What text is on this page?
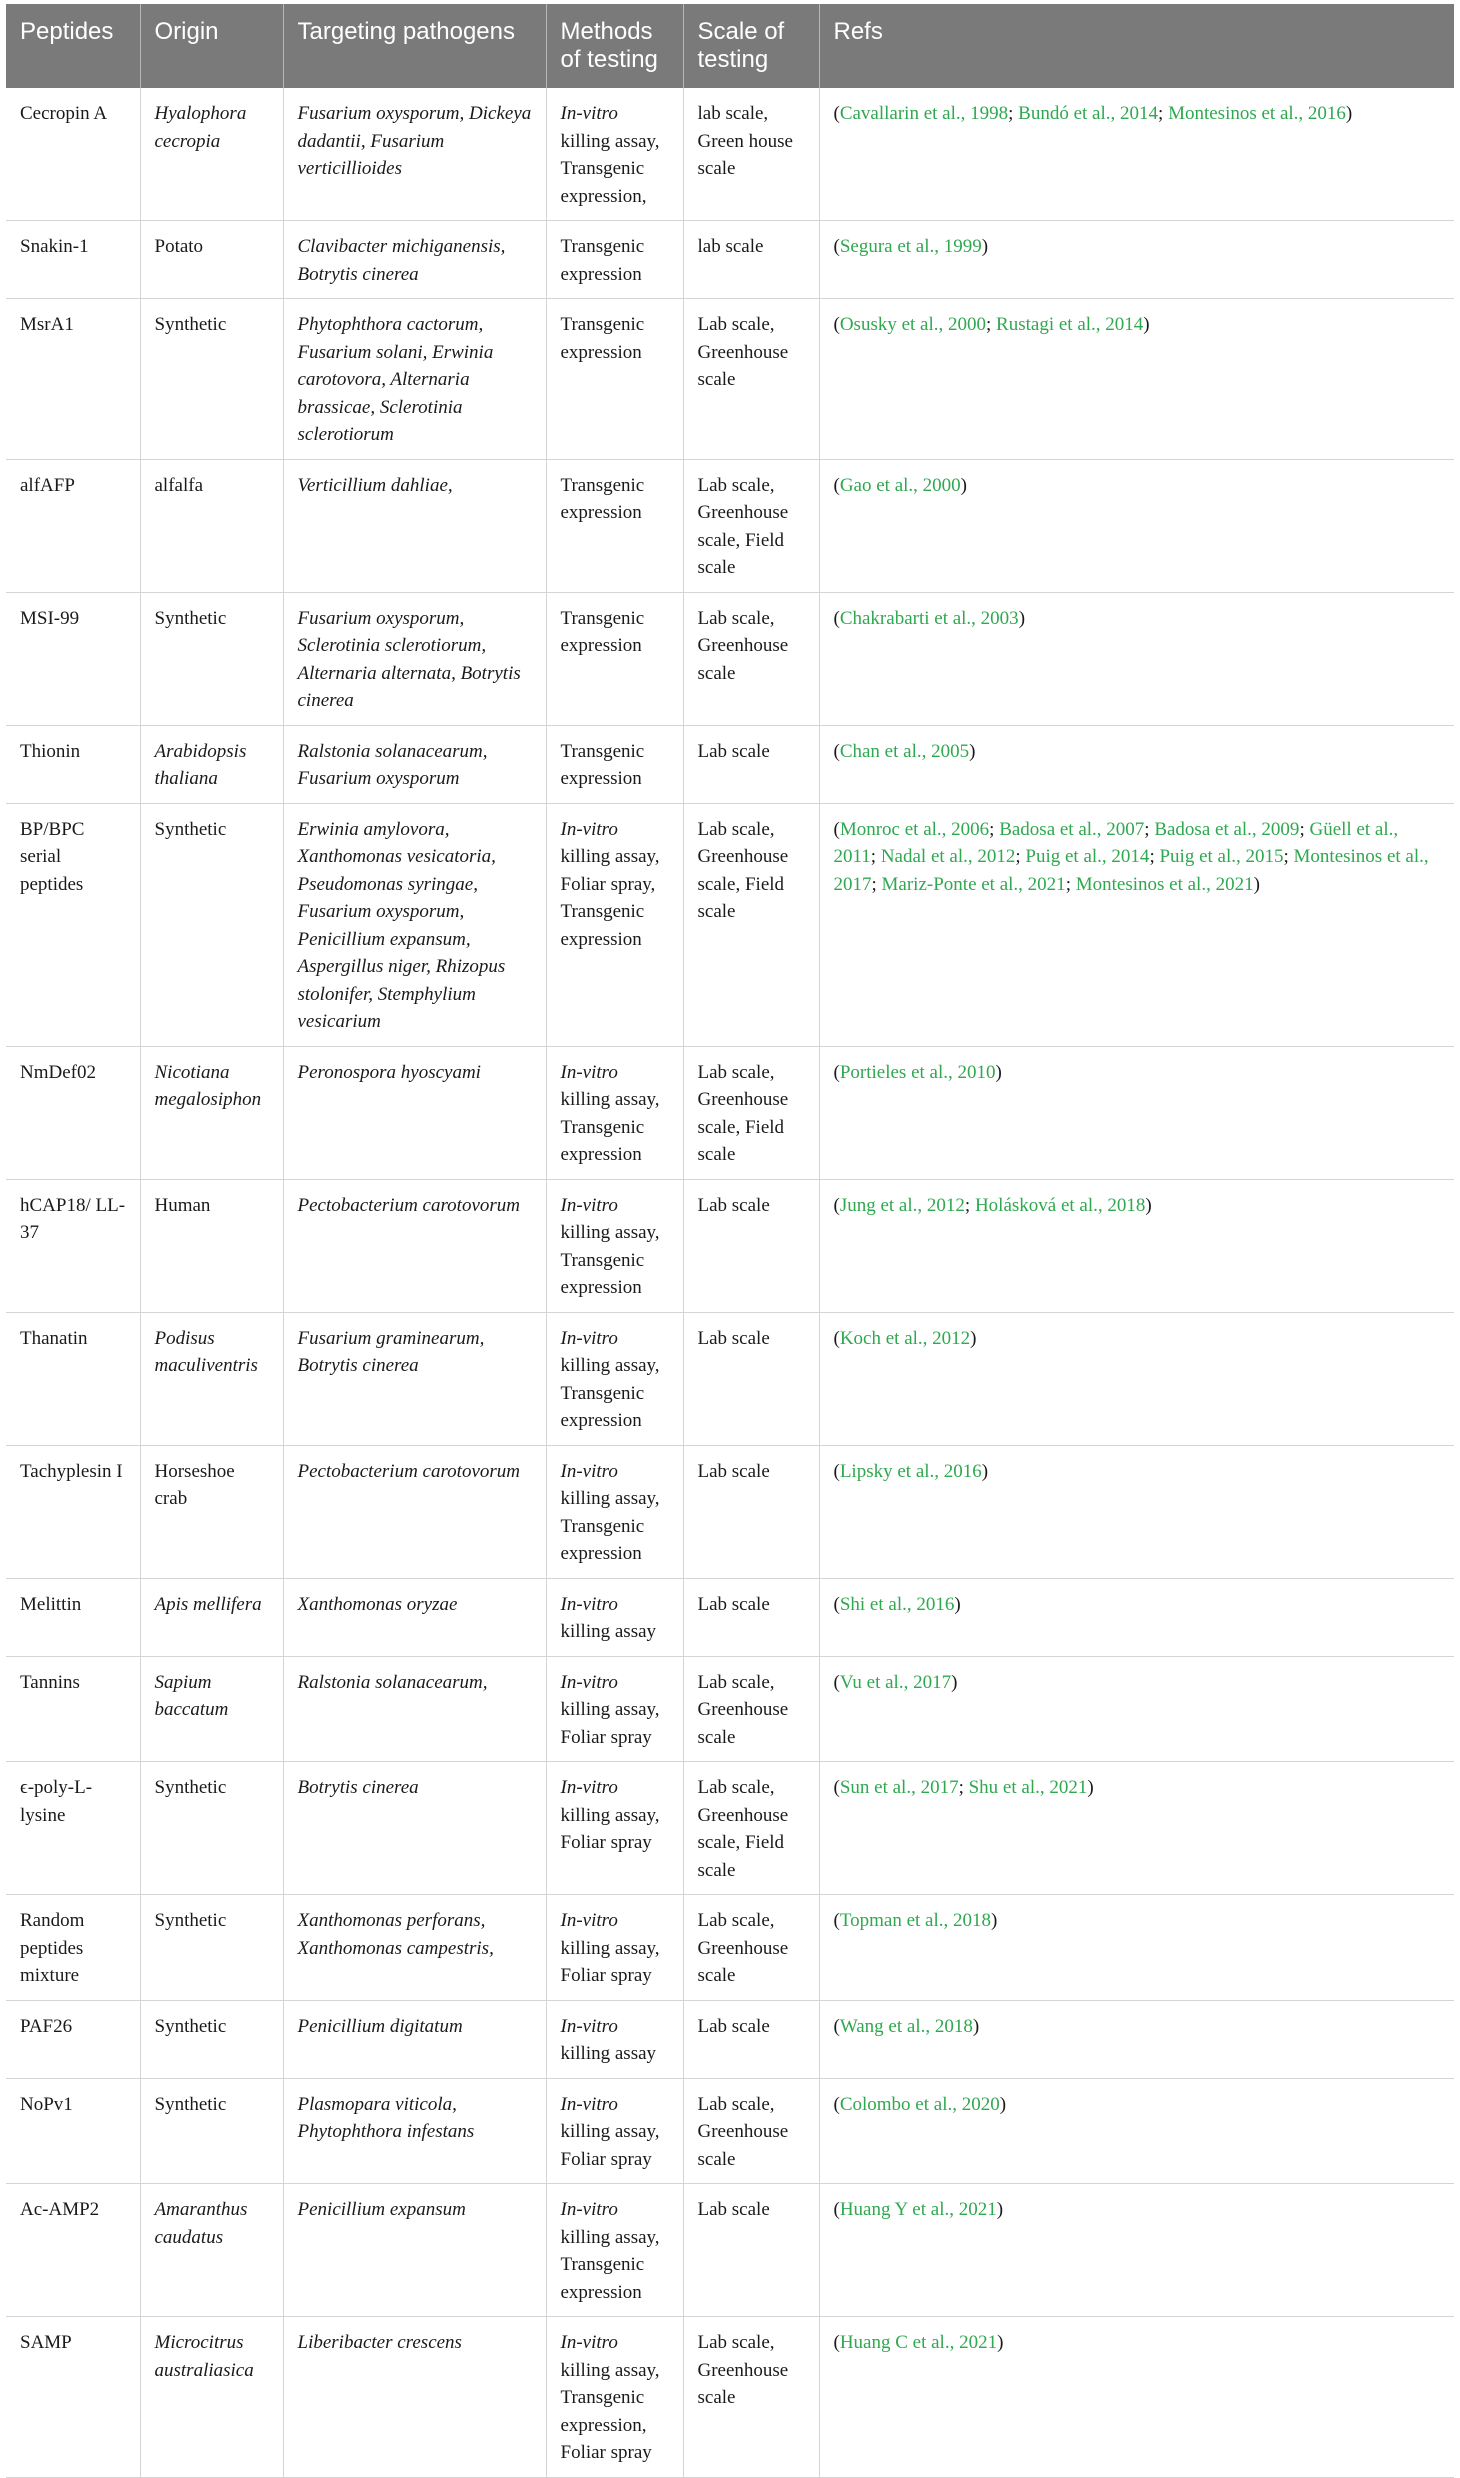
Peptides	Origin	Targeting pathogens	Methods of testing	Scale of testing	Refs
Cecropin A	Hyalophora cecropia	Fusarium oxysporum, Dickeya dadantii, Fusarium verticillioides	In-vitro killing assay, Transgenic expression,	lab scale, Green house scale	(Cavallarin et al., 1998; Bundó et al., 2014; Montesinos et al., 2016)
Snakin-1	Potato	Clavibacter michiganensis, Botrytis cinerea	Transgenic expression	lab scale	(Segura et al., 1999)
MsrA1	Synthetic	Phytophthora cactorum, Fusarium solani, Erwinia carotovora, Alternaria brassicae, Sclerotinia sclerotiorum	Transgenic expression	Lab scale, Greenhouse scale	(Osusky et al., 2000; Rustagi et al., 2014)
alfAFP	alfalfa	Verticillium dahliae,	Transgenic expression	Lab scale, Greenhouse scale, Field scale	(Gao et al., 2000)
MSI-99	Synthetic	Fusarium oxysporum, Sclerotinia sclerotiorum, Alternaria alternata, Botrytis cinerea	Transgenic expression	Lab scale, Greenhouse scale	(Chakrabarti et al., 2003)
Thionin	Arabidopsis thaliana	Ralstonia solanacearum, Fusarium oxysporum	Transgenic expression	Lab scale	(Chan et al., 2005)
BP/BPC serial peptides	Synthetic	Erwinia amylovora, Xanthomonas vesicatoria, Pseudomonas syringae, Fusarium oxysporum, Penicillium expansum, Aspergillus niger, Rhizopus stolonifer, Stemphylium vesicarium	In-vitro killing assay, Foliar spray, Transgenic expression	Lab scale, Greenhouse scale, Field scale	(Monroc et al., 2006; Badosa et al., 2007; Badosa et al., 2009; Güell et al., 2011; Nadal et al., 2012; Puig et al., 2014; Puig et al., 2015; Montesinos et al., 2017; Mariz-Ponte et al., 2021; Montesinos et al., 2021)
NmDef02	Nicotiana megalosiphon	Peronospora hyoscyami	In-vitro killing assay, Transgenic expression	Lab scale, Greenhouse scale, Field scale	(Portieles et al., 2010)
hCAP18/ LL-37	Human	Pectobacterium carotovorum	In-vitro killing assay, Transgenic expression	Lab scale	(Jung et al., 2012; Holásková et al., 2018)
Thanatin	Podisus maculiventris	Fusarium graminearum, Botrytis cinerea	In-vitro killing assay, Transgenic expression	Lab scale	(Koch et al., 2012)
Tachyplesin I	Horseshoe crab	Pectobacterium carotovorum	In-vitro killing assay, Transgenic expression	Lab scale	(Lipsky et al., 2016)
Melittin	Apis mellifera	Xanthomonas oryzae	In-vitro killing assay	Lab scale	(Shi et al., 2016)
Tannins	Sapium baccatum	Ralstonia solanacearum,	In-vitro killing assay, Foliar spray	Lab scale, Greenhouse scale	(Vu et al., 2017)
ϵ-poly-L-lysine	Synthetic	Botrytis cinerea	In-vitro killing assay, Foliar spray	Lab scale, Greenhouse scale, Field scale	(Sun et al., 2017; Shu et al., 2021)
Random peptides mixture	Synthetic	Xanthomonas perforans, Xanthomonas campestris,	In-vitro killing assay, Foliar spray	Lab scale, Greenhouse scale	(Topman et al., 2018)
PAF26	Synthetic	Penicillium digitatum	In-vitro killing assay	Lab scale	(Wang et al., 2018)
NoPv1	Synthetic	Plasmopara viticola, Phytophthora infestans	In-vitro killing assay, Foliar spray	Lab scale, Greenhouse scale	(Colombo et al., 2020)
Ac-AMP2	Amaranthus caudatus	Penicillium expansum	In-vitro killing assay, Transgenic expression	Lab scale	(Huang Y et al., 2021)
SAMP	Microcitrus australiasica	Liberibacter crescens	In-vitro killing assay, Transgenic expression, Foliar spray	Lab scale, Greenhouse scale	(Huang C et al., 2021)
